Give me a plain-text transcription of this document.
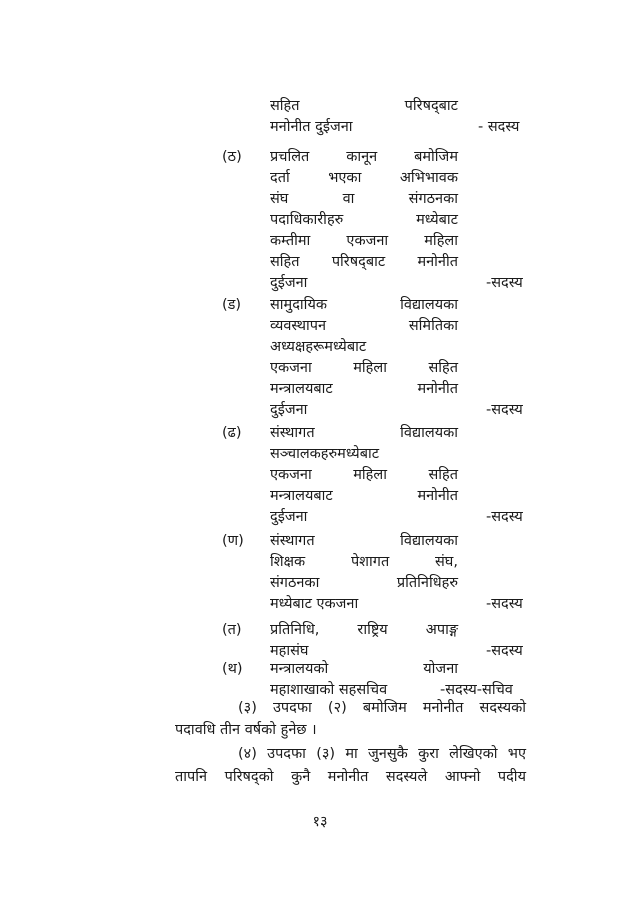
सहित	परिषद्‌बाट
मनोनीत दुईजना	- सदस्य
(ठ) प्रचलित	कानून	बमोजिम
दर्ता	भएका	अभिभावक
संघ	वा	संगठनका
पदाधिकारीहरु	मध्येबाट
कम्तीमा एकजना महिला
सहित परिषद्‌बाट मनोनीत
दुईजना	-सदस्य
(ड) सामुदायिक	विद्यालयका
व्यवस्थापन	समितिका
अध्यक्षहरूमध्येबाट
एकजना	महिला	सहित
मन्त्रालयबाट	मनोनीत
दुईजना	-सदस्य
(ढ) संस्थागत	विद्यालयका
सञ्चालकहरुमध्येबाट
एकजना	महिला	सहित
मन्त्रालयबाट	मनोनीत
दुईजना	-सदस्य
(ण) संस्थागत	विद्यालयका
शिक्षक	पेशागत	संघ,
संगठनका	प्रतिनिधिहरु
मध्येबाट एकजना	-सदस्य
(त) प्रतिनिधि,	राष्ट्रिय	अपाङ्ग
महासंघ	-सदस्य
(थ) मन्त्रालयको	योजना
महाशाखाको सहसचिव	-सदस्य-सचिव
(३) उपदफा (२) बमोजिम मनोनीत सदस्यको
पदावधि तीन वर्षको हुनेछ ।
(४) उपदफा (३) मा जुनसुकै कुरा लेखिएको भए
तापनि परिषद्‌को कुनै मनोनीत सदस्यले आफ्नो पदीय
१३
